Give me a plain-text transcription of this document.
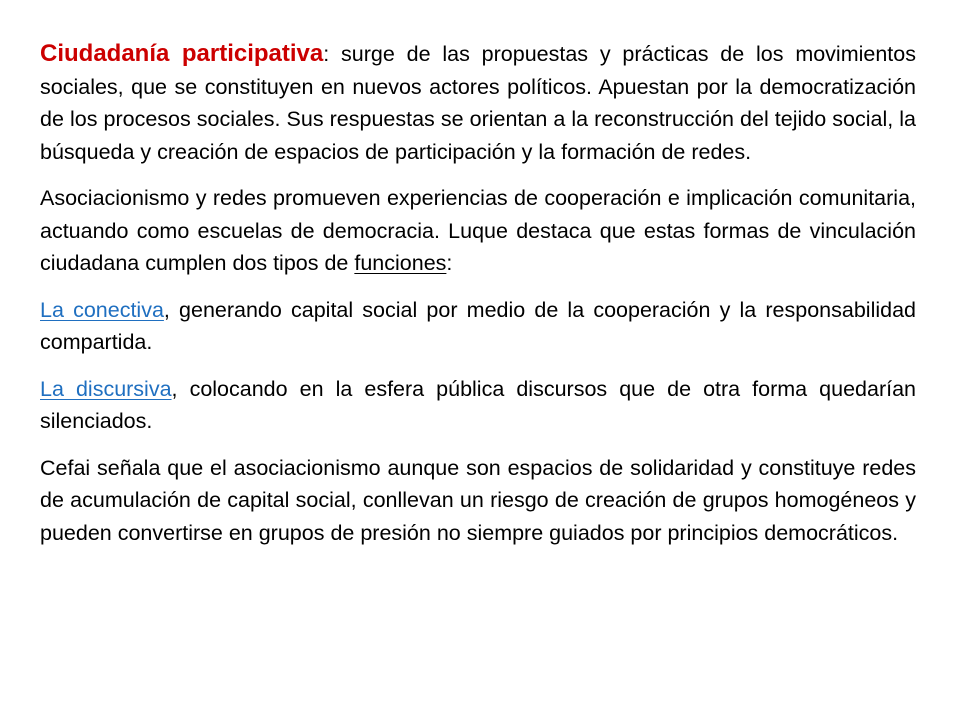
Ciudadanía participativa: surge de las propuestas y prácticas de los movimientos sociales, que se constituyen en nuevos actores políticos. Apuestan por la democratización de los procesos sociales. Sus respuestas se orientan a la reconstrucción del tejido social, la búsqueda y creación de espacios de participación y la formación de redes.

Asociacionismo y redes promueven experiencias de cooperación e implicación comunitaria, actuando como escuelas de democracia. Luque destaca que estas formas de vinculación ciudadana cumplen dos tipos de funciones:

La conectiva, generando capital social por medio de la cooperación y la responsabilidad compartida.

La discursiva, colocando en la esfera pública discursos que de otra forma quedarían silenciados.

Cefai señala que el asociacionismo aunque son espacios de solidaridad y constituye redes de acumulación de capital social, conllevan un riesgo de creación de grupos homogéneos y pueden convertirse en grupos de presión no siempre guiados por principios democráticos.
